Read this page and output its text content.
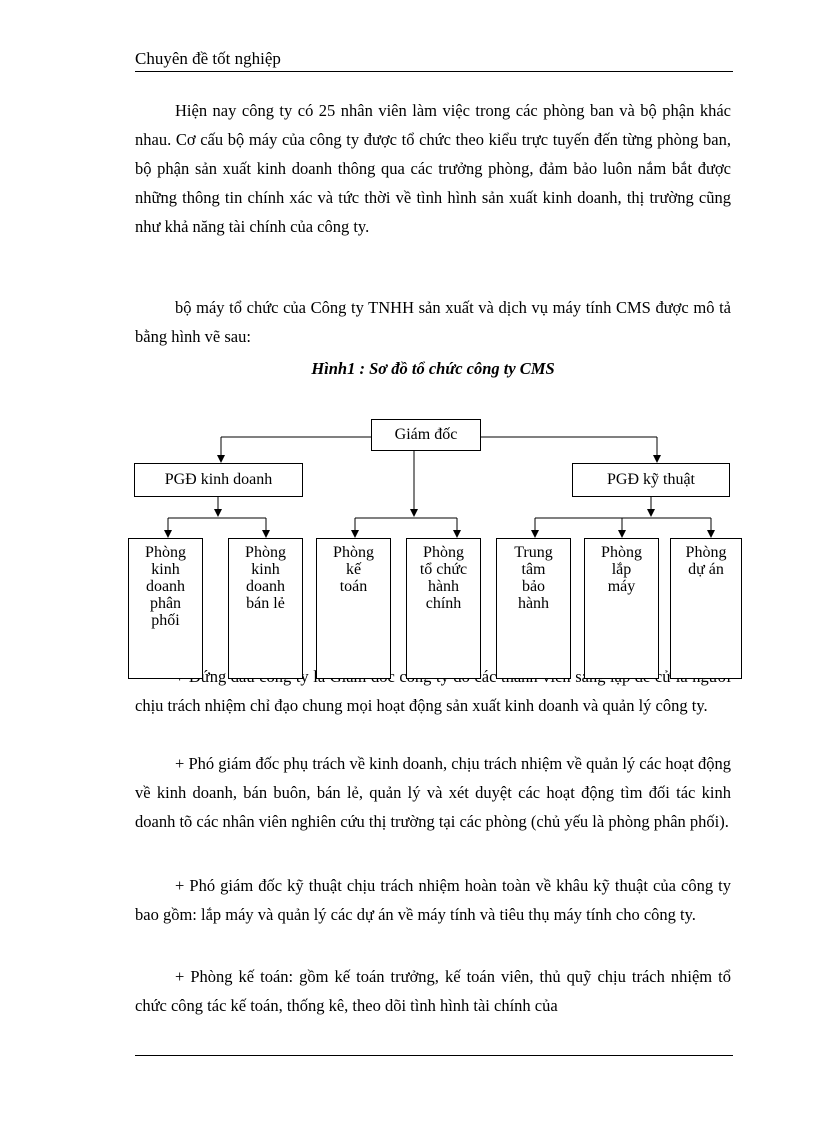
Chuyên đề tốt nghiệp

Hiện nay công ty có 25 nhân viên làm việc trong các phòng ban và bộ phận khác nhau. Cơ cấu bộ máy của công ty được tổ chức theo kiểu trực tuyến đến từng phòng ban, bộ phận sản xuất kinh doanh thông qua các trưởng phòng, đảm bảo luôn nắm bắt được những thông tin chính xác và tức thời về tình hình sản xuất kinh doanh, thị trường cũng như khả năng tài chính của công ty.

bộ máy tổ chức của Công ty TNHH sản xuất và dịch vụ máy tính CMS được mô tả bằng hình vẽ sau:

Hình1 : Sơ đồ tổ chức công ty CMS

Đứng các cử chịu trách nhiệm chỉ đạo chung mọi hoạt động sản xuất kinh doanh và quản lý công ty.

Giám đốc
PGĐ kinh doanh	PGĐ kỹ thuật
Phòng kinh doanh phân phối
Phòng kinh doanh bán lẻ
Phòng kế toán
Phòng tổ chức hành chính
Trung tâm bảo hành
Phòng lắp máy
Phòng dự án

+ Phó giám đốc phụ trách về kinh doanh, chịu trách nhiệm về quản lý các hoạt động về kinh doanh, bán buôn, bán lẻ, quản lý và xét duyệt các hoạt động tìm đối tác kinh doanh tõ các nhân viên nghiên cứu thị trường tại các phòng (chủ yếu là phòng phân phối).

+ Phó giám đốc kỹ thuật chịu trách nhiệm hoàn toàn về khâu kỹ thuật của công ty bao gồm: lắp máy và quản lý các dự án về máy tính và tiêu thụ máy tính cho công ty.

+ Phòng kế toán: gồm kế toán trưởng, kế toán viên, thủ quỹ chịu trách nhiệm tổ chức công tác kế toán, thống kê, theo dõi tình hình tài chính của
